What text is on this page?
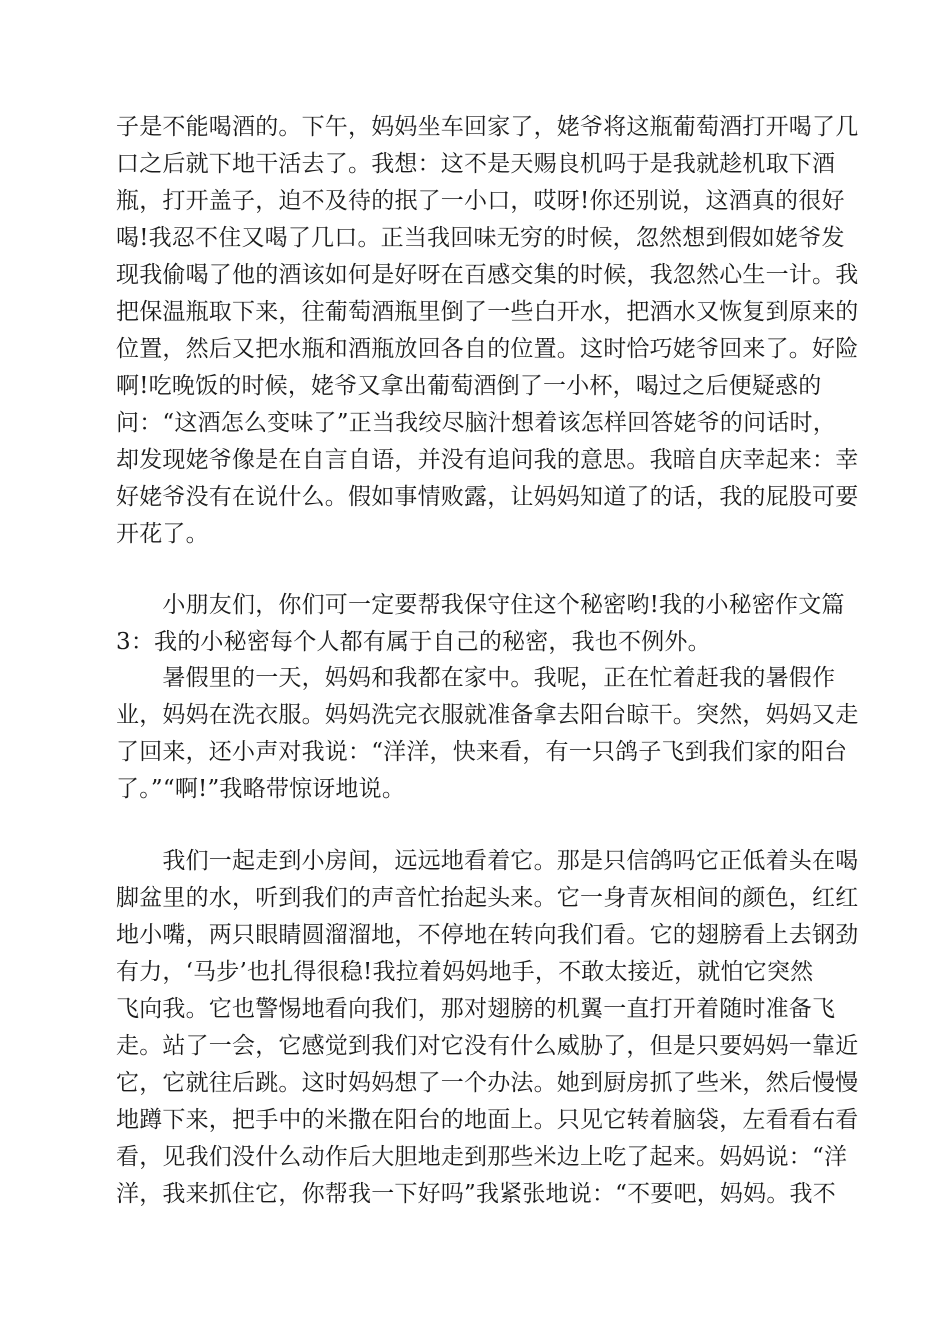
子是不能喝酒的。下午，妈妈坐车回家了，姥爷将这瓶葡萄酒打开喝了几
口之后就下地干活去了。我想：这不是天赐良机吗于是我就趁机取下酒
瓶，打开盖子，迫不及待的抿了一小口，哎呀!你还别说，这酒真的很好
喝!我忍不住又喝了几口。正当我回味无穷的时候，忽然想到假如姥爷发
现我偷喝了他的酒该如何是好呀在百感交集的时候，我忽然心生一计。我
把保温瓶取下来，往葡萄酒瓶里倒了一些白开水，把酒水又恢复到原来的
位置，然后又把水瓶和酒瓶放回各自的位置。这时恰巧姥爷回来了。好险
啊!吃晚饭的时候，姥爷又拿出葡萄酒倒了一小杯，喝过之后便疑惑的
问：“这酒怎么变味了”正当我绞尽脑汁想着该怎样回答姥爷的问话时，
却发现姥爷像是在自言自语，并没有追问我的意思。我暗自庆幸起来：幸
好姥爷没有在说什么。假如事情败露，让妈妈知道了的话，我的屁股可要
开花了。
　　小朋友们，你们可一定要帮我保守住这个秘密哟!我的小秘密作文篇
3：我的小秘密每个人都有属于自己的秘密，我也不例外。
　　暑假里的一天，妈妈和我都在家中。我呢，正在忙着赶我的暑假作
业，妈妈在洗衣服。妈妈洗完衣服就准备拿去阳台晾干。突然，妈妈又走
了回来，还小声对我说：“洋洋，快来看，有一只鸽子飞到我们家的阳台
了。”“啊!”我略带惊讶地说。
　　我们一起走到小房间，远远地看着它。那是只信鸽吗它正低着头在喝
脚盆里的水，听到我们的声音忙抬起头来。它一身青灰相间的颜色，红红
地小嘴，两只眼睛圆溜溜地，不停地在转向我们看。它的翅膀看上去钢劲
有力，‘马步’也扎得很稳!我拉着妈妈地手，不敢太接近，就怕它突然
飞向我。它也警惕地看向我们，那对翅膀的机翼一直打开着随时准备飞
走。站了一会，它感觉到我们对它没有什么威胁了，但是只要妈妈一靠近
它，它就往后跳。这时妈妈想了一个办法。她到厨房抓了些米，然后慢慢
地蹲下来，把手中的米撒在阳台的地面上。只见它转着脑袋，左看看右看
看，见我们没什么动作后大胆地走到那些米边上吃了起来。妈妈说：“洋
洋，我来抓住它，你帮我一下好吗”我紧张地说：“不要吧，妈妈。我不
